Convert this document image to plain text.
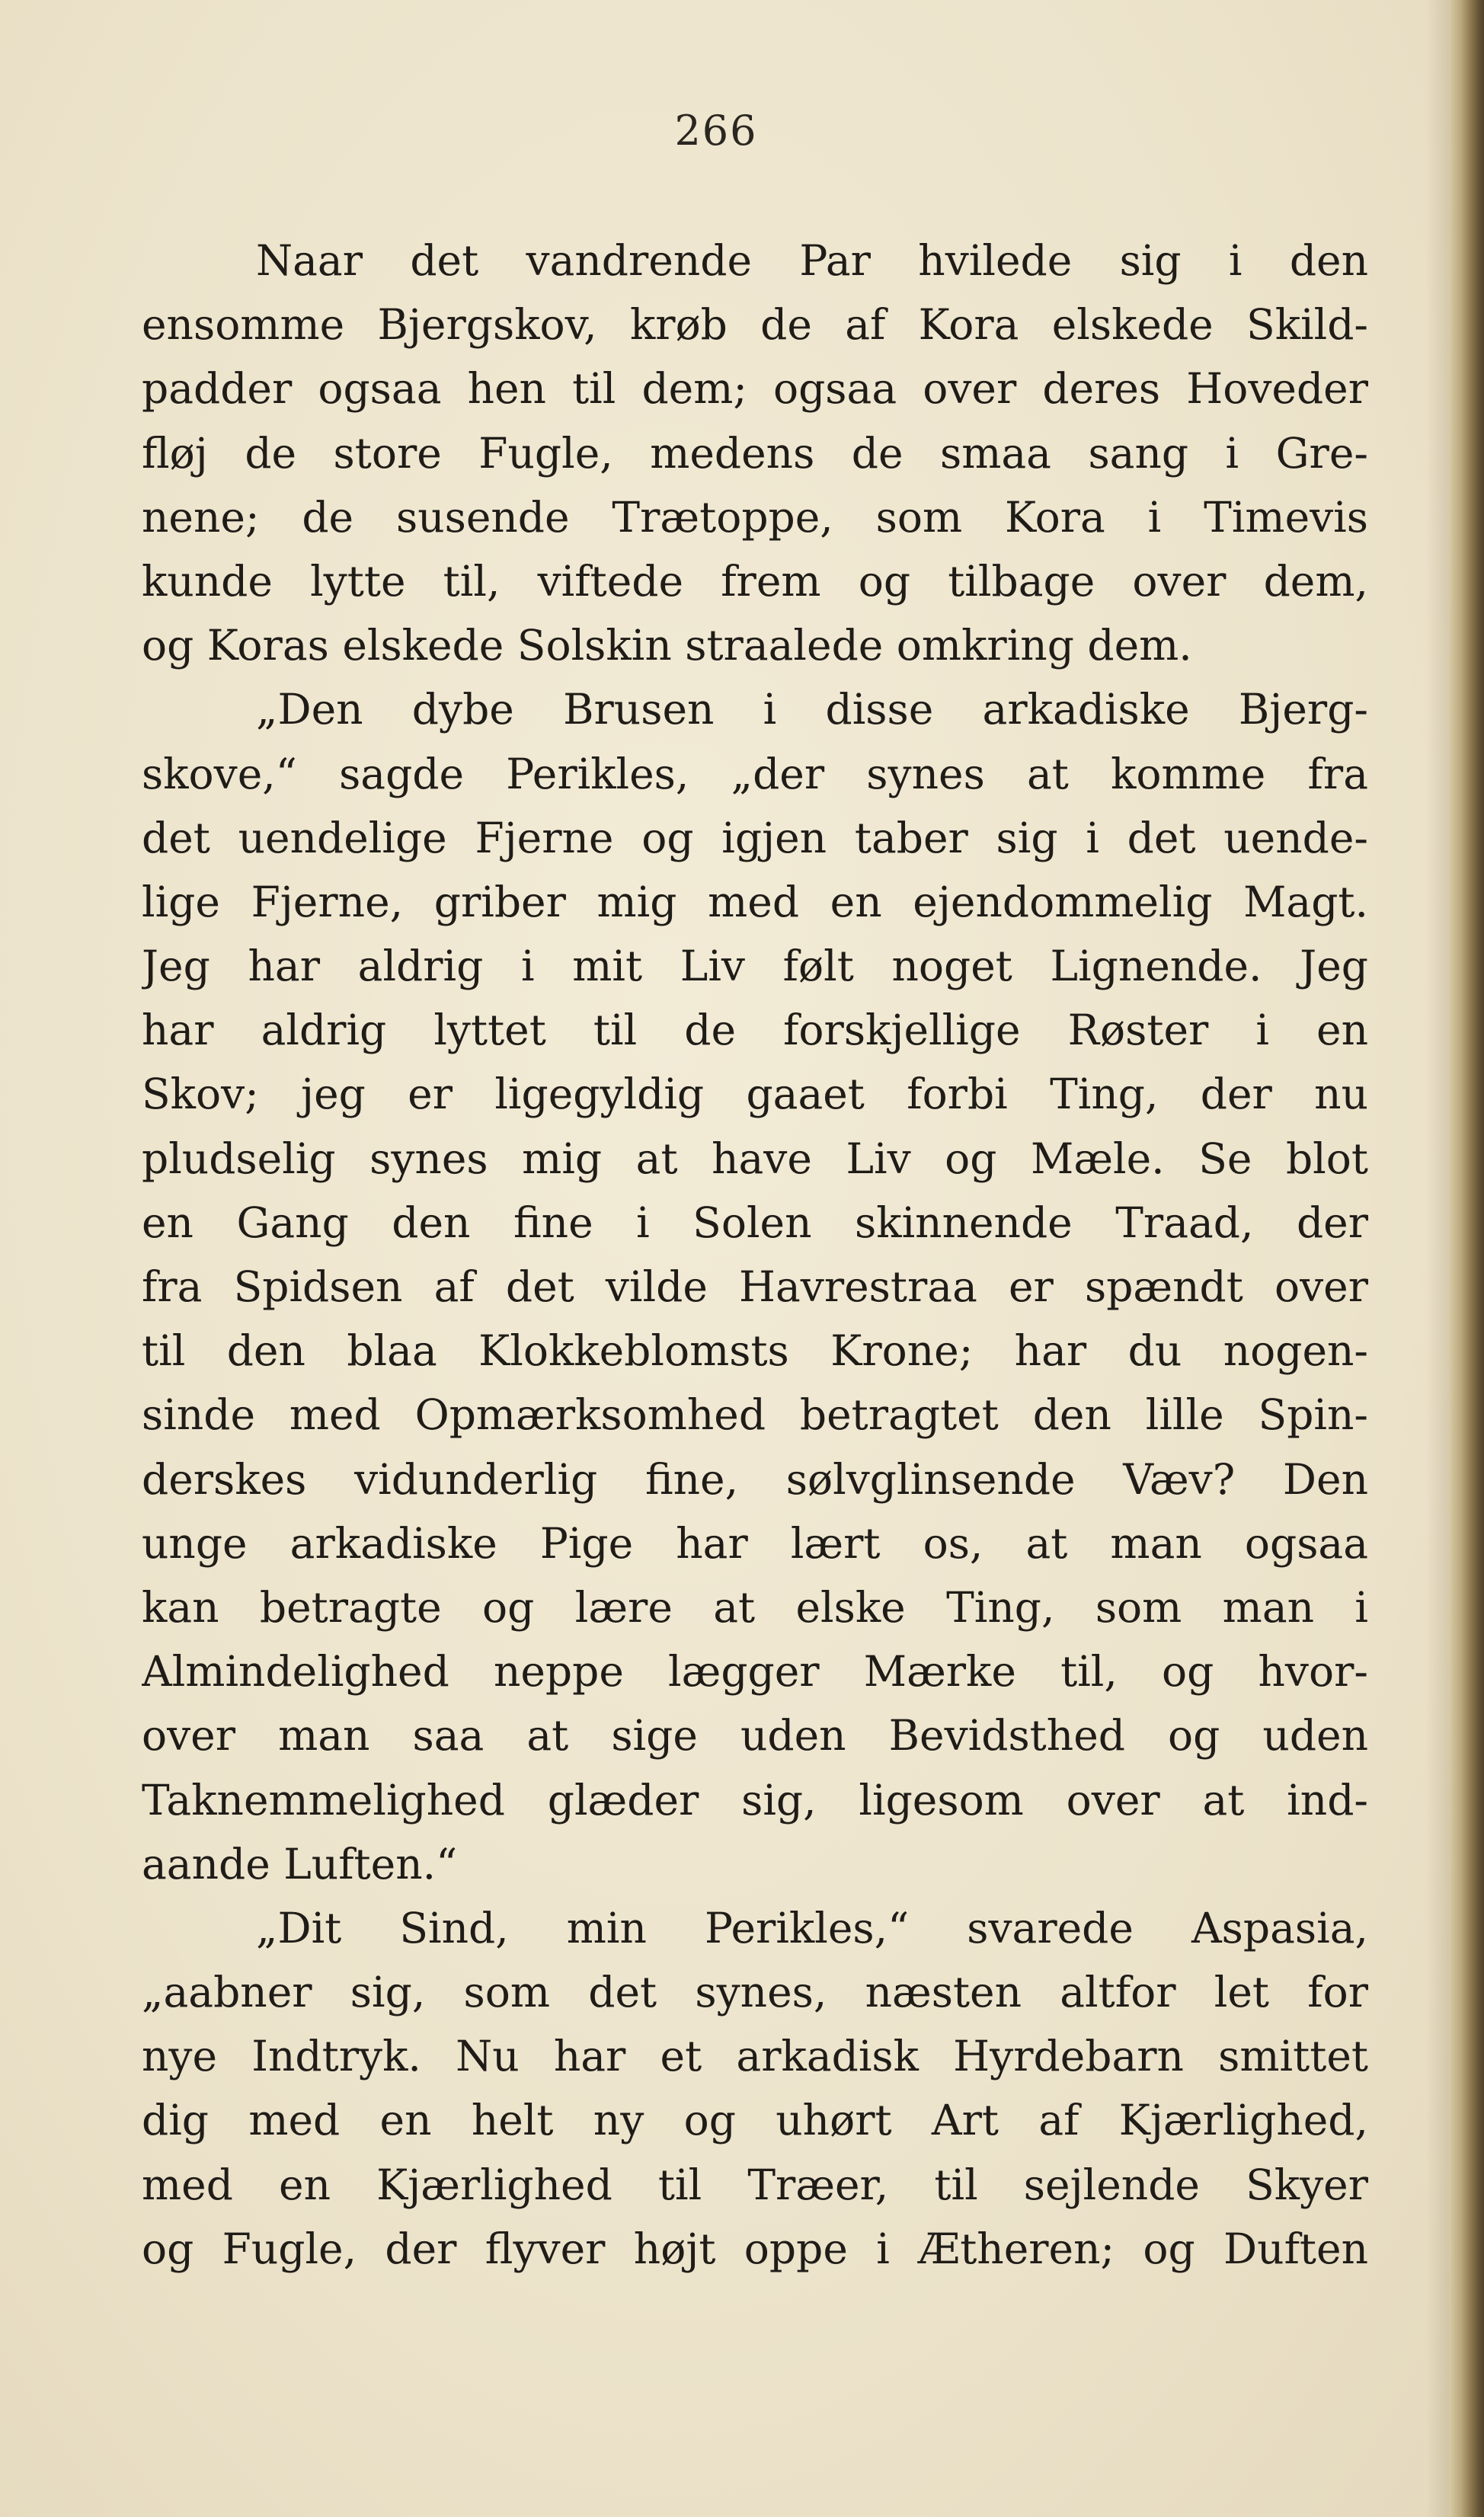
266
Naar det vandrende Par hvilede sig i den
ensomme Bjergskov, krøb de af Kora elskede Skild-
padder ogsaa hen til dem; ogsaa over deres Hoveder
fløj de store Fugle, medens de smaa sang i Gre-
nene; de susende Trætoppe, som Kora i Timevis
kunde lytte til, viftede frem og tilbage over dem,
og Koras elskede Solskin straalede omkring dem.
„Den dybe Brusen i disse arkadiske Bjerg-
skove,“ sagde Perikles, „der synes at komme fra
det uendelige Fjerne og igjen taber sig i det uende-
lige Fjerne, griber mig med en ejendommelig Magt.
Jeg har aldrig i mit Liv følt noget Lignende. Jeg
har aldrig lyttet til de forskjellige Røster i en
Skov; jeg er ligegyldig gaaet forbi Ting, der nu
pludselig synes mig at have Liv og Mæle. Se blot
en Gang den fine i Solen skinnende Traad, der
fra Spidsen af det vilde Havrestraa er spændt over
til den blaa Klokkeblomsts Krone; har du nogen-
sinde med Opmærksomhed betragtet den lille Spin-
derskes vidunderlig fine, sølvglinsende Væv? Den
unge arkadiske Pige har lært os, at man ogsaa
kan betragte og lære at elske Ting, som man i
Almindelighed neppe lægger Mærke til, og hvor-
over man saa at sige uden Bevidsthed og uden
Taknemmelighed glæder sig, ligesom over at ind-
aande Luften.“
„Dit Sind, min Perikles,“ svarede Aspasia,
„aabner sig, som det synes, næsten altfor let for
nye Indtryk. Nu har et arkadisk Hyrdebarn smittet
dig med en helt ny og uhørt Art af Kjærlighed,
med en Kjærlighed til Træer, til sejlende Skyer
og Fugle, der flyver højt oppe i Ætheren; og Duften
